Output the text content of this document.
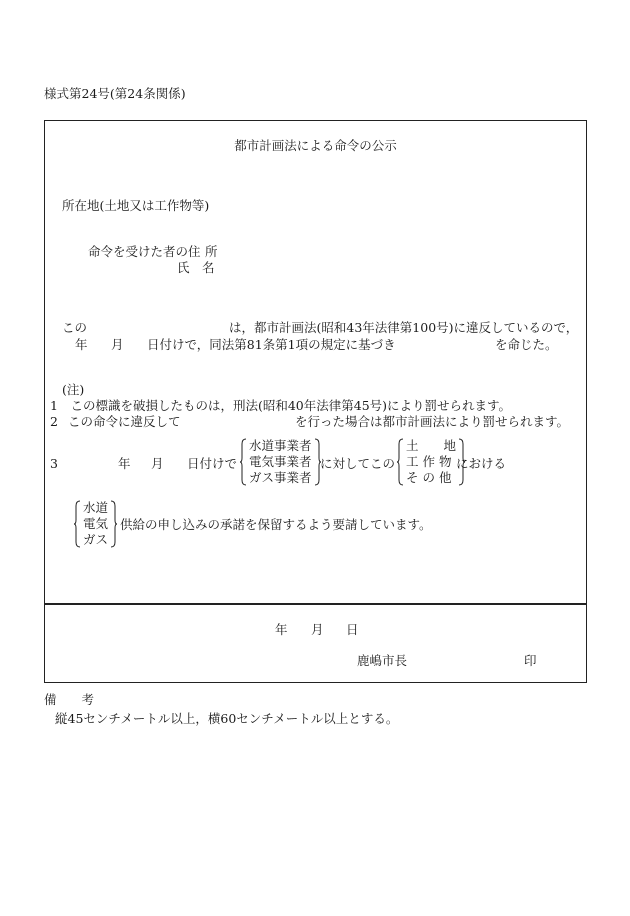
様式第24号(第24条関係)
都市計画法による命令の公示
所在地(土地又は工作物等)
命令を受けた者の住 所
氏　名
この	は，都市計画法(昭和43年法律第100号)に違反しているので，
年 月 日付けで，同法第81条第1項の規定に基づき	を命じた。
(注)
1　この標識を破損したものは，刑法(昭和40年法律第45号)により罰せられます。
2 この命令に違反して	を行った場合は都市計画法により罰せられます。
3	年 月 日付けで
水道事業者
電気事業者
ガス事業者
に対してこの
土　　地
工 作 物
そ の 他
における
水道
電気
ガス
供給の申し込みの承諾を保留するよう要請しています。
年 月 日
鹿嶋市長	印
備　　考
縦45センチメートル以上，横60センチメートル以上とする。
